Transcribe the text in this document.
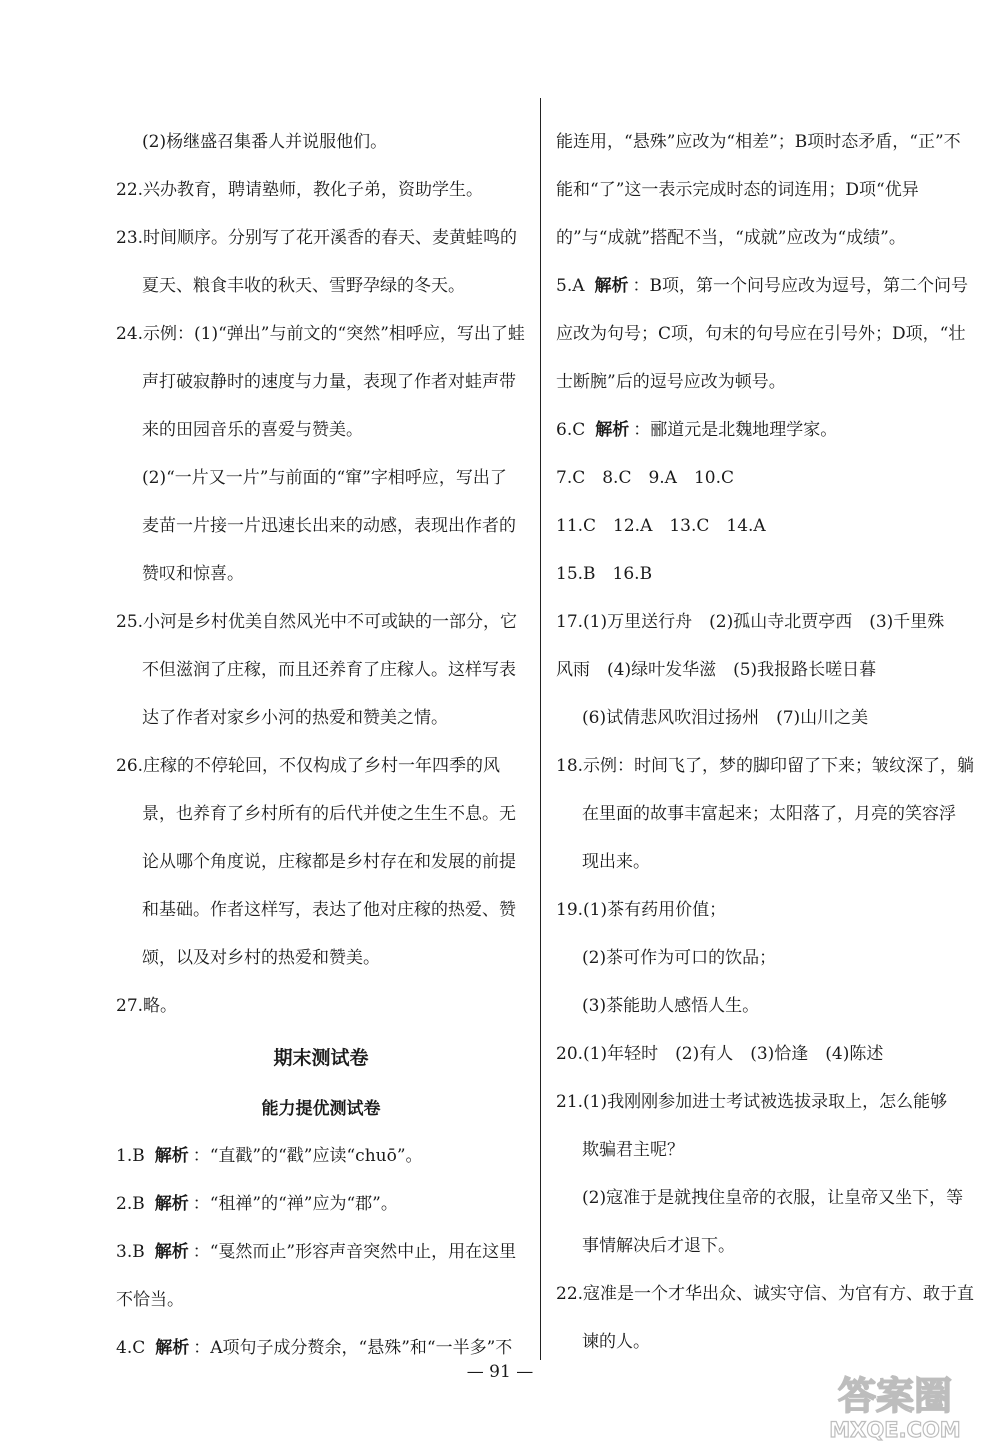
(2)杨继盛召集番人并说服他们。

22.兴办教育，聘请塾师，教化子弟，资助学生。

23.时间顺序。分别写了花开溪香的春天、麦黄蛙鸣的

夏天、粮食丰收的秋天、雪野孕绿的冬天。

24.示例：(1)“弹出”与前文的“突然”相呼应，写出了蛙

声打破寂静时的速度与力量，表现了作者对蛙声带

来的田园音乐的喜爱与赞美。

(2)“一片又一片”与前面的“窜”字相呼应，写出了

麦苗一片接一片迅速长出来的动感，表现出作者的

赞叹和惊喜。

25.小河是乡村优美自然风光中不可或缺的一部分，它

不但滋润了庄稼，而且还养育了庄稼人。这样写表

达了作者对家乡小河的热爱和赞美之情。

26.庄稼的不停轮回，不仅构成了乡村一年四季的风

景，也养育了乡村所有的后代并使之生生不息。无

论从哪个角度说，庄稼都是乡村存在和发展的前提

和基础。作者这样写，表达了他对庄稼的热爱、赞

颂，以及对乡村的热爱和赞美。

27.略。

期末测试卷

能力提优测试卷

1.B 解析 ：“直戳”的“戳”应读“chuō”。

2.B 解析 ：“租禅”的“禅”应为“郡”。

3.B 解析 ：“戛然而止”形容声音突然中止，用在这里

不恰当。

4.C 解析 ：A项句子成分赘余，“悬殊”和“一半多”不

能连用，“悬殊”应改为“相差”；B项时态矛盾，“正”不

能和“了”这一表示完成时态的词连用；D项“优异

的”与“成就”搭配不当，“成就”应改为“成绩”。

5.A 解析 ：B项，第一个问号应改为逗号，第二个问号

应改为句号；C项，句末的句号应在引号外；D项，“壮

士断腕”后的逗号应改为顿号。

6.C 解析 ：郦道元是北魏地理学家。

7.C　8.C　9.A　10.C

11.C　12.A　13.C　14.A

15.B　16.B

17.(1)万里送行舟　(2)孤山寺北贾亭西　(3)千里殊

风雨　(4)绿叶发华滋　(5)我报路长嗟日暮

(6)试倩悲风吹泪过扬州　(7)山川之美

18.示例：时间飞了，梦的脚印留了下来；皱纹深了，躺

在里面的故事丰富起来；太阳落了，月亮的笑容浮

现出来。

19.(1)茶有药用价值；

(2)茶可作为可口的饮品；

(3)茶能助人感悟人生。

20.(1)年轻时　(2)有人　(3)恰逢　(4)陈述

21.(1)我刚刚参加进士考试被选拔录取上，怎么能够

欺骗君主呢？

(2)寇准于是就拽住皇帝的衣服，让皇帝又坐下，等

事情解决后才退下。

22.寇准是一个才华出众、诚实守信、为官有方、敢于直

谏的人。

— 91 —
答案圈
MXQE.COM
